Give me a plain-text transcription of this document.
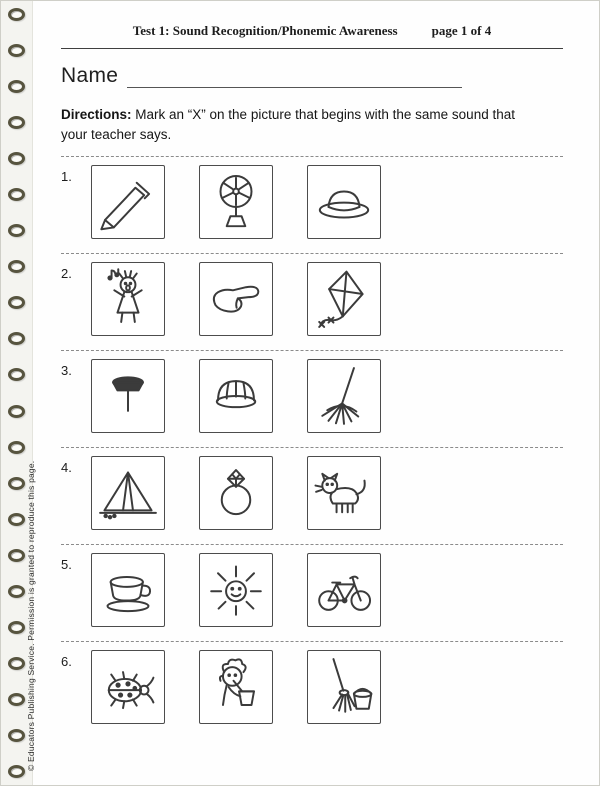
© Educators Publishing Service. Permission is granted to reproduce this page.
Test 1: Sound Recognition/Phonemic Awareness	page 1 of 4
Name

Directions: Mark an “X” on the picture that begins with the same sound that your teacher says.

1.
2.
3.
4.
5.
6.
